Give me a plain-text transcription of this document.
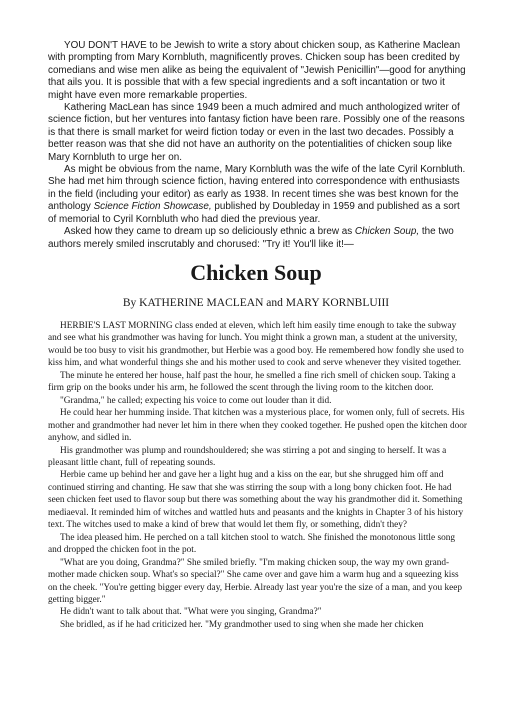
YOU DON'T HAVE to be Jewish to write a story about chicken soup, as Katherine Maclean with prompting from Mary Kornbluth, magnificently proves. Chicken soup has been credited by comedians and wise men alike as being the equivalent of "Jewish Penicillin"—good for anything that ails you. It is possible that with a few special ingredients and a soft incantation or two it might have even more remarkable properties.

Kathering MacLean has since 1949 been a much admired and much anthologized writer of science fiction, but her ventures into fantasy fiction have been rare. Possibly one of the reasons is that there is small market for weird fiction today or even in the last two decades. Possibly a better reason was that she did not have an authority on the potentialities of chicken soup like Mary Kornbluth to urge her on.

As might be obvious from the name, Mary Kornbluth was the wife of the late Cyril Kornbluth. She had met him through science fiction, having entered into correspondence with enthusiasts in the field (including your editor) as early as 1938. In recent times she was best known for the anthology Science Fiction Showcase, published by Doubleday in 1959 and published as a sort of memorial to Cyril Kornbluth who had died the previous year.

Asked how they came to dream up so deliciously ethnic a brew as Chicken Soup, the two authors merely smiled inscrutably and chorused: "Try it! You'll like it!—

Chicken Soup
By KATHERINE MACLEAN and MARY KORNBLUIII

HERBIE'S LAST MORNING class ended at eleven, which left him easily time enough to take the subway and see what his grandmother was having for lunch. You might think a grown man, a student at the university, would be too busy to visit his grandmother, but Herbie was a good boy. He remembered how fondly she used to kiss him, and what wonderful things she and his mother used to cook and serve whenever they visited together.

The minute he entered her house, half past the hour, he smelled a fine rich smell of chicken soup. Taking a firm grip on the books under his arm, he followed the scent through the living room to the kitchen door.

"Grandma," he called; expecting his voice to come out louder than it did.

He could hear her humming inside. That kitchen was a mysterious place, for women only, full of secrets. His mother and grandmother had never let him in there when they cooked together. He pushed open the kitchen door anyhow, and sidled in.

His grandmother was plump and roundshouldered; she was stirring a pot and singing to herself. It was a pleasant little chant, full of repeating sounds.

Herbie came up behind her and gave her a light hug and a kiss on the ear, but she shrugged him off and continued stirring and chanting. He saw that she was stirring the soup with a long bony chicken foot. He had seen chicken feet used to flavor soup but there was something about the way his grandmother did it. Something mediaeval. It reminded him of witches and wattled huts and peasants and the knights in Chapter 3 of his history text. The witches used to make a kind of brew that would let them fly, or something, didn't they?

The idea pleased him. He perched on a tall kitchen stool to watch. She finished the monotonous little song and dropped the chicken foot in the pot.

"What are you doing, Grandma?" She smiled briefly. "I'm making chicken soup, the way my own grand- mother made chicken soup. What's so special?" She came over and gave him a warm hug and a squeezing kiss on the cheek. "You're getting bigger every day, Herbie. Already last year you're the size of a man, and you keep getting bigger."

He didn't want to talk about that. "What were you singing, Grandma?"

She bridled, as if he had criticized her. "My grandmother used to sing when she made her chicken
